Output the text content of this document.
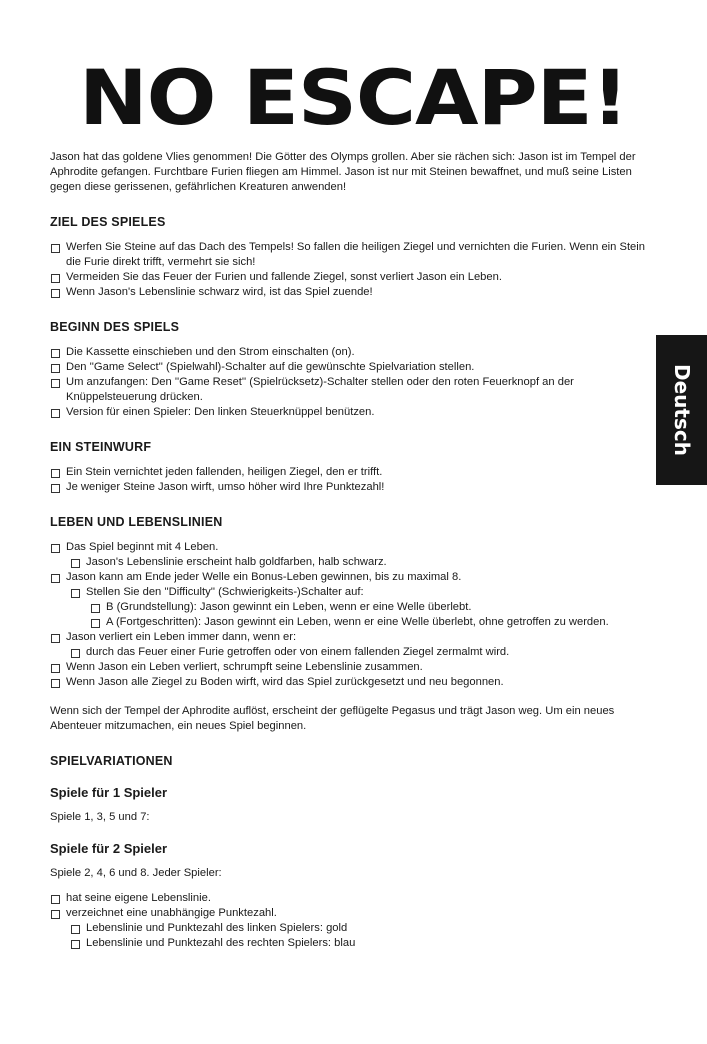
NO ESCAPE!
Deutsch

Jason hat das goldene Vlies genommen! Die Götter des Olymps grollen. Aber sie rächen sich: Jason ist im Tempel der Aphrodite gefangen. Furchtbare Furien fliegen am Himmel. Jason ist nur mit Steinen bewaffnet, und muß seine Listen gegen diese gerissenen, gefährlichen Kreaturen anwenden!

ZIEL DES SPIELES
Werfen Sie Steine auf das Dach des Tempels! So fallen die heiligen Ziegel und vernichten die Furien. Wenn ein Stein die Furie direkt trifft, vermehrt sie sich!
Vermeiden Sie das Feuer der Furien und fallende Ziegel, sonst verliert Jason ein Leben.
Wenn Jason's Lebenslinie schwarz wird, ist das Spiel zuende!
BEGINN DES SPIELS
Die Kassette einschieben und den Strom einschalten (on).
Den ''Game Select'' (Spielwahl)-Schalter auf die gewünschte Spielvariation stellen.
Um anzufangen: Den ''Game Reset'' (Spielrücksetz)-Schalter stellen oder den roten Feuerknopf an der Knüppelsteuerung drücken.
Version für einen Spieler: Den linken Steuerknüppel benützen.
EIN STEINWURF
Ein Stein vernichtet jeden fallenden, heiligen Ziegel, den er trifft.
Je weniger Steine Jason wirft, umso höher wird Ihre Punktezahl!
LEBEN UND LEBENSLINIEN
Das Spiel beginnt mit 4 Leben.
Jason's Lebenslinie erscheint halb goldfarben, halb schwarz.
Jason kann am Ende jeder Welle ein Bonus-Leben gewinnen, bis zu maximal 8.
Stellen Sie den ''Difficulty'' (Schwierigkeits-)Schalter auf:
B (Grundstellung): Jason gewinnt ein Leben, wenn er eine Welle überlebt.
A (Fortgeschritten): Jason gewinnt ein Leben, wenn er eine Welle überlebt, ohne getroffen zu werden.
Jason verliert ein Leben immer dann, wenn er:
durch das Feuer einer Furie getroffen oder von einem fallenden Ziegel zermalmt wird.
Wenn Jason ein Leben verliert, schrumpft seine Lebenslinie zusammen.
Wenn Jason alle Ziegel zu Boden wirft, wird das Spiel zurückgesetzt und neu begonnen.

Wenn sich der Tempel der Aphrodite auflöst, erscheint der geflügelte Pegasus und trägt Jason weg. Um ein neues Abenteuer mitzumachen, ein neues Spiel beginnen.

SPIELVARIATIONEN
Spiele für 1 Spieler

Spiele 1, 3, 5 und 7:

Spiele für 2 Spieler

Spiele 2, 4, 6 und 8. Jeder Spieler:

hat seine eigene Lebenslinie.
verzeichnet eine unabhängige Punktezahl.
Lebenslinie und Punktezahl des linken Spielers: gold
Lebenslinie und Punktezahl des rechten Spielers: blau
